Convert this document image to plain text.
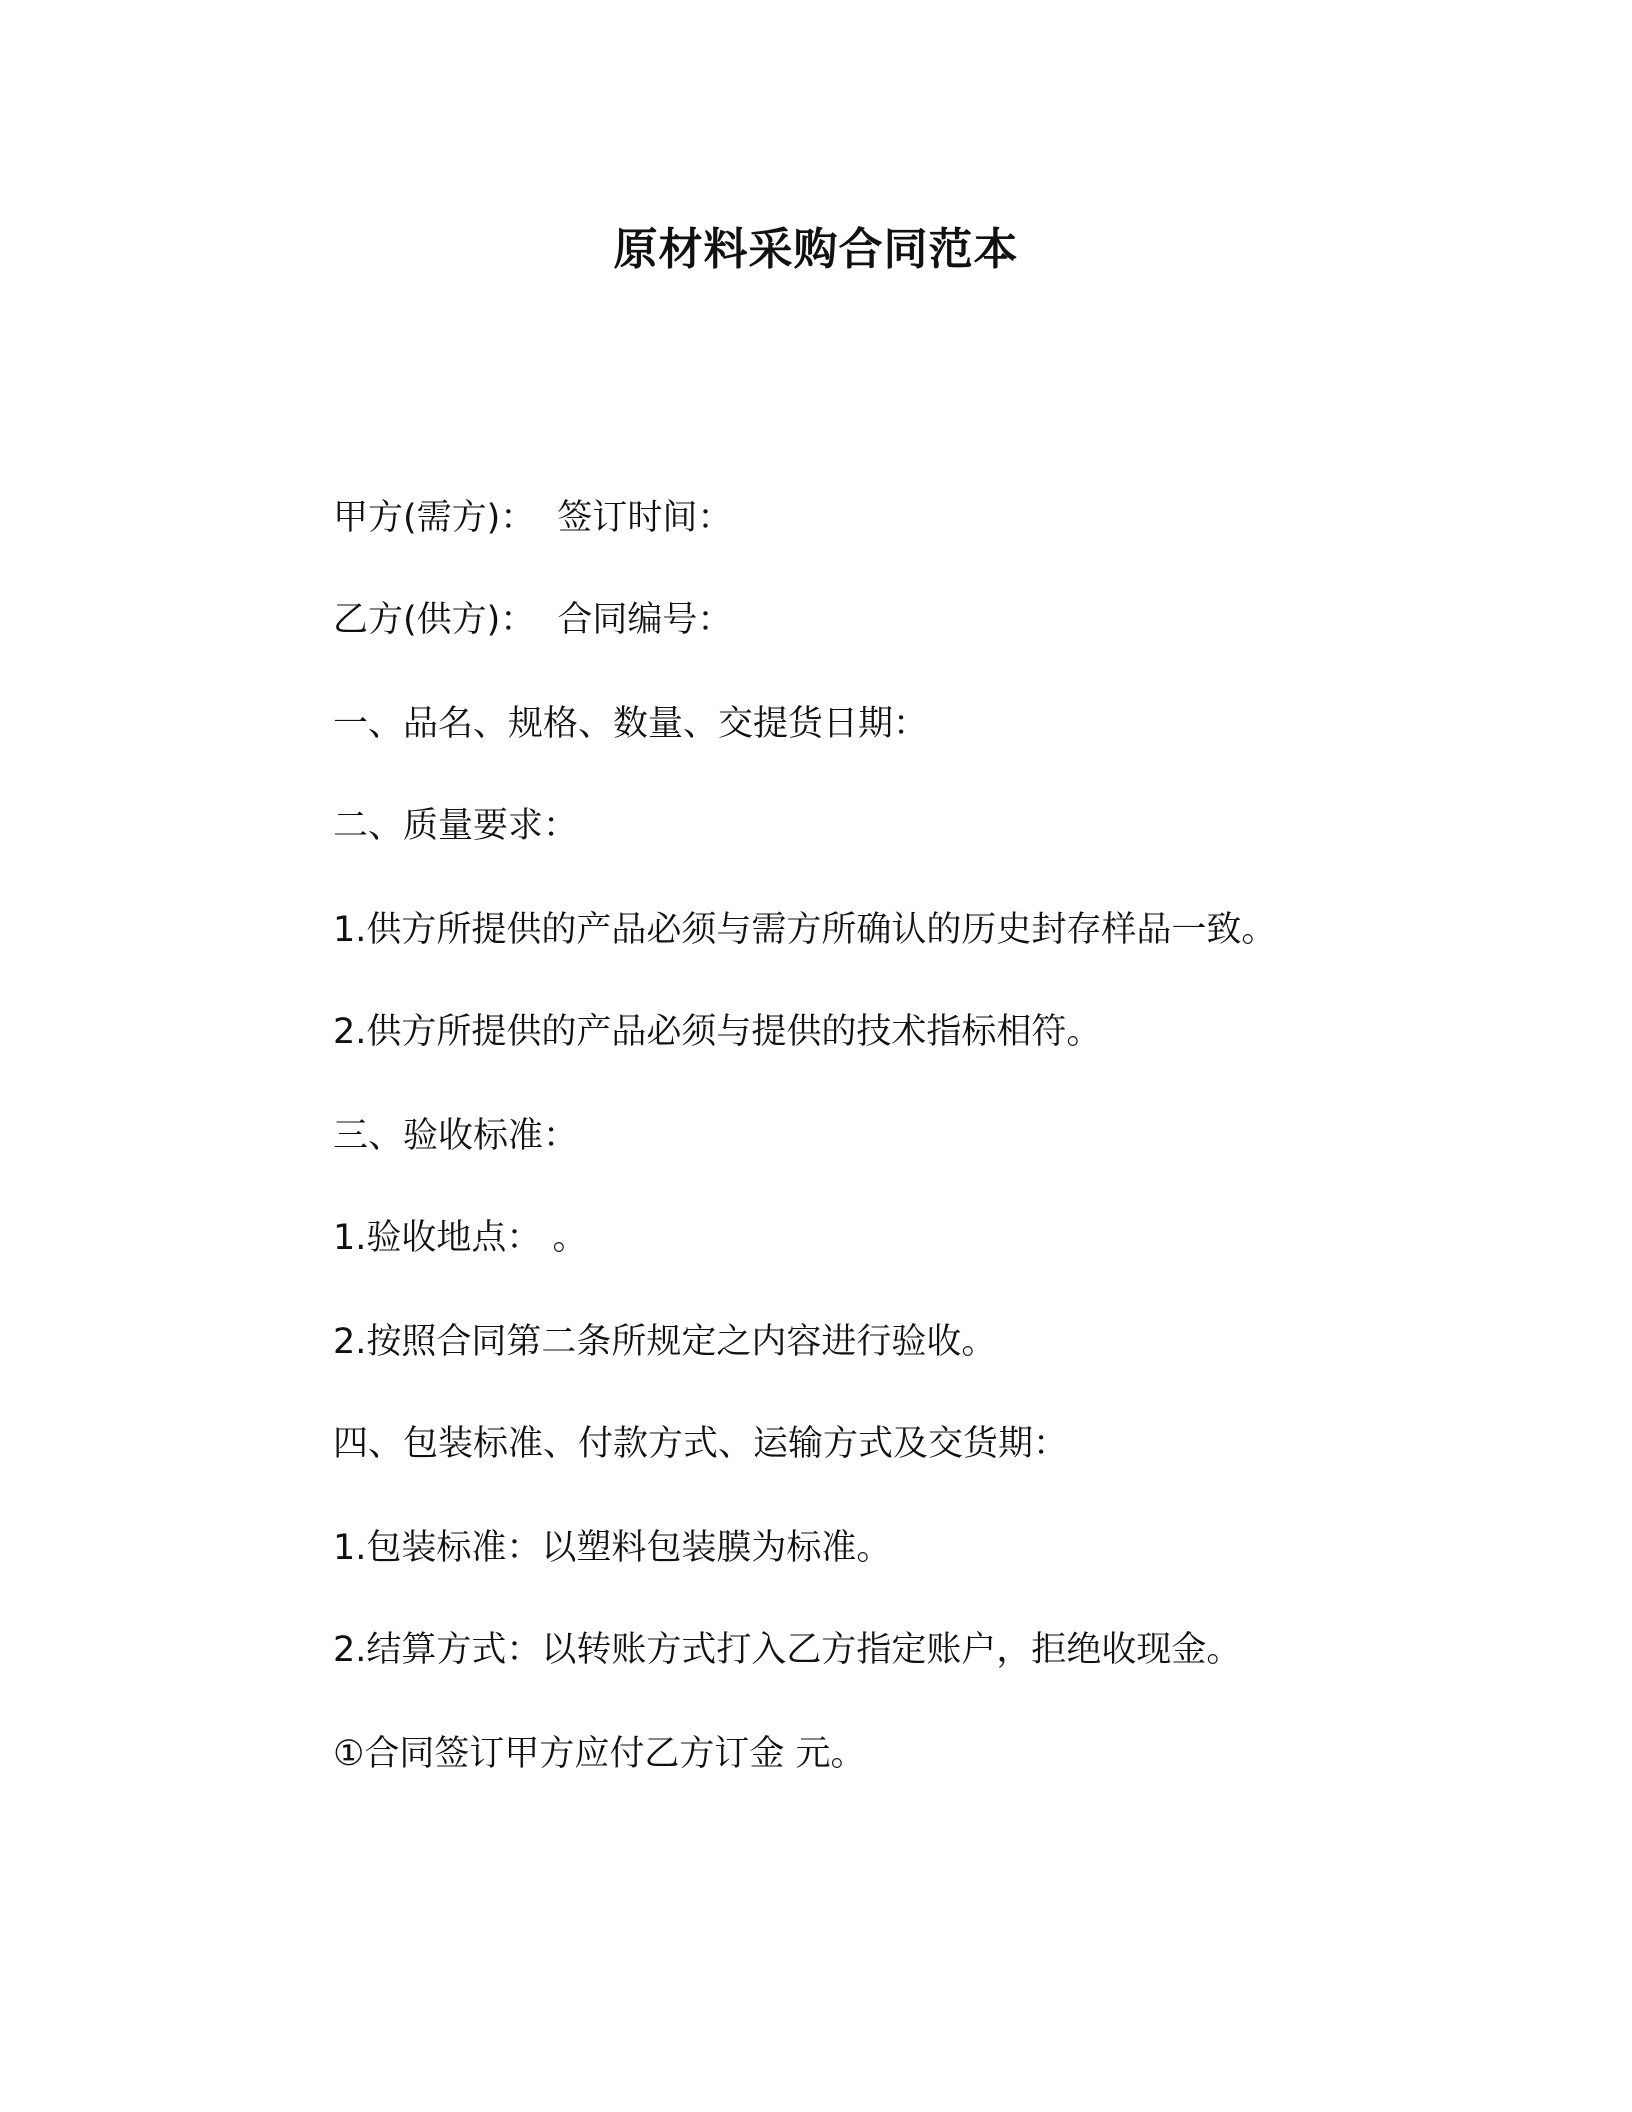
原材料采购合同范本
甲方(需方)： 签订时间：
乙方(供方)： 合同编号：
一、品名、规格、数量、交提货日期：
二、质量要求：
1.供方所提供的产品必须与需方所确认的历史封存样品一致。
2.供方所提供的产品必须与提供的技术指标相符。
三、验收标准：
1.验收地点： 。
2.按照合同第二条所规定之内容进行验收。
四、包装标准、付款方式、运输方式及交货期：
1.包装标准：以塑料包装膜为标准。
2.结算方式：以转账方式打入乙方指定账户，拒绝收现金。
①合同签订甲方应付乙方订金 元。
